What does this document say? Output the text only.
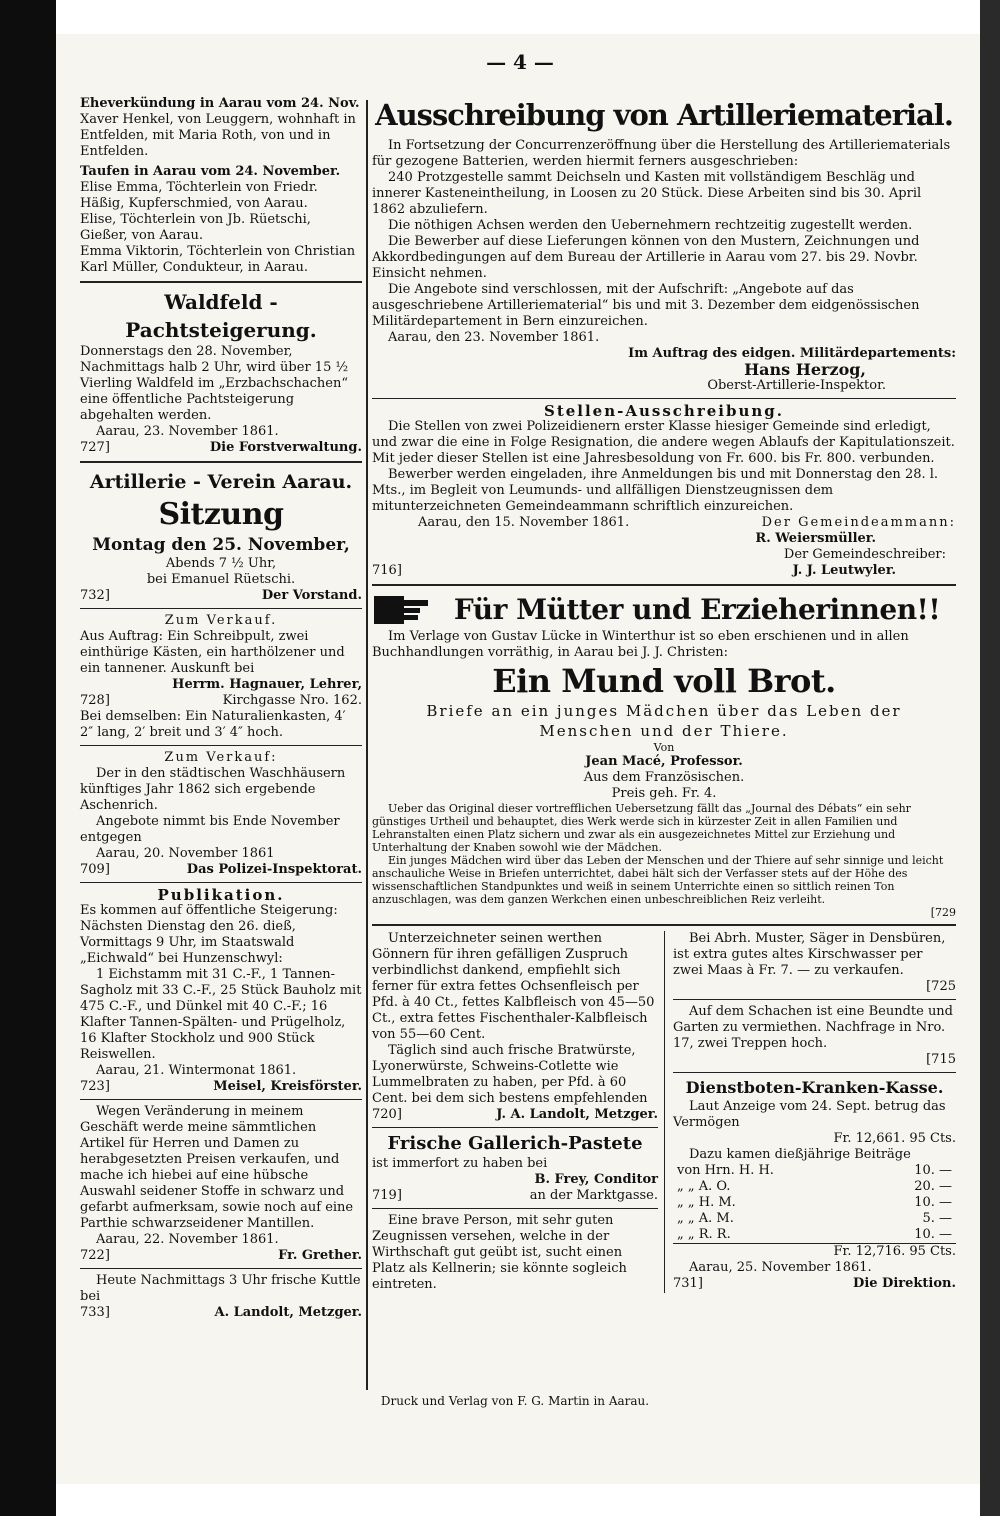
— 4 —

Eheverkündung in Aarau vom 24. Nov.

Xaver Henkel, von Leuggern, wohnhaft in Entfelden, mit Maria Roth, von und in Entfelden.

Taufen in Aarau vom 24. November.

Elise Emma, Töchterlein von Friedr. Häßig, Kupferschmied, von Aarau.

Elise, Töchterlein von Jb. Rüetschi, Gießer, von Aarau.

Emma Viktorin, Töchterlein von Christian Karl Müller, Condukteur, in Aarau.

Waldfeld - Pachtsteigerung.

Donnerstags den 28. November, Nachmittags halb 2 Uhr, wird über 15 ½ Vierling Waldfeld im „Erzbachschachen“ eine öffentliche Pachtsteigerung abgehalten werden.

Aarau, 23. November 1861.

727]	Die Forstverwaltung.
Artillerie - Verein Aarau.
Sitzung
Montag den 25. November,

Abends 7 ½ Uhr,

bei Emanuel Rüetschi.

732]	Der Vorstand.

Zum Verkauf.

Aus Auftrag: Ein Schreibpult, zwei einthürige Kästen, ein harthölzener und ein tannener. Auskunft bei

Herrm. Hagnauer, Lehrer,

728]	Kirchgasse Nro. 162.

Bei demselben: Ein Naturalienkasten, 4′ 2″ lang, 2′ breit und 3′ 4″ hoch.

Zum Verkauf:

Der in den städtischen Waschhäusern künftiges Jahr 1862 sich ergebende Aschenrich.

Angebote nimmt bis Ende November entgegen

Aarau, 20. November 1861

709]	Das Polizei-Inspektorat.

Publikation.

Es kommen auf öffentliche Steigerung: Nächsten Dienstag den 26. dieß, Vormittags 9 Uhr, im Staatswald „Eichwald“ bei Hunzenschwyl:

1 Eichstamm mit 31 C.-F., 1 Tannen-Sagholz mit 33 C.-F., 25 Stück Bauholz mit 475 C.-F., und Dünkel mit 40 C.-F.; 16 Klafter Tannen-Spälten- und Prügelholz, 16 Klafter Stockholz und 900 Stück Reiswellen.

Aarau, 21. Wintermonat 1861.

723]	Meisel, Kreisförster.

Wegen Veränderung in meinem Geschäft werde meine sämmtlichen Artikel für Herren und Damen zu herabgesetzten Preisen verkaufen, und mache ich hiebei auf eine hübsche Auswahl seidener Stoffe in schwarz und gefarbt aufmerksam, sowie noch auf eine Parthie schwarzseidener Mantillen.

Aarau, 22. November 1861.

722]	Fr. Grether.

Heute Nachmittags 3 Uhr frische Kuttle bei

733]	A. Landolt, Metzger.
Ausschreibung von Artilleriematerial.

In Fortsetzung der Concurrenzeröffnung über die Herstellung des Artilleriematerials für gezogene Batterien, werden hiermit ferners ausgeschrieben:

240 Protzgestelle sammt Deichseln und Kasten mit vollständigem Beschläg und innerer Kasteneintheilung, in Loosen zu 20 Stück. Diese Arbeiten sind bis 30. April 1862 abzuliefern.

Die nöthigen Achsen werden den Uebernehmern rechtzeitig zugestellt werden.

Die Bewerber auf diese Lieferungen können von den Mustern, Zeichnungen und Akkordbedingungen auf dem Bureau der Artillerie in Aarau vom 27. bis 29. Novbr. Einsicht nehmen.

Die Angebote sind verschlossen, mit der Aufschrift: „Angebote auf das ausgeschriebene Artilleriematerial“ bis und mit 3. Dezember dem eidgenössischen Militärdepartement in Bern einzureichen.

Aarau, den 23. November 1861.

Im Auftrag des eidgen. Militärdepartements:

Hans Herzog,

Oberst-Artillerie-Inspektor.

Stellen-Ausschreibung.

Die Stellen von zwei Polizeidienern erster Klasse hiesiger Gemeinde sind erledigt, und zwar die eine in Folge Resignation, die andere wegen Ablaufs der Kapitulationszeit. Mit jeder dieser Stellen ist eine Jahresbesoldung von Fr. 600. bis Fr. 800. verbunden.

Bewerber werden eingeladen, ihre Anmeldungen bis und mit Donnerstag den 28. l. Mts., im Begleit von Leumunds- und allfälligen Dienstzeugnissen dem mitunterzeichneten Gemeindeammann schriftlich einzureichen.

Aarau, den 15. November 1861.	Der Gemeindeammann:

R. Weiersmüller.

Der Gemeindeschreiber:

716]	J. J. Leutwyler.
Für Mütter und Erzieherinnen!!

Im Verlage von Gustav Lücke in Winterthur ist so eben erschienen und in allen Buchhandlungen vorräthig, in Aarau bei J. J. Christen:

Ein Mund voll Brot.

Briefe an ein junges Mädchen über das Leben der

Menschen und der Thiere.

Von

Jean Macé, Professor.

Aus dem Französischen.

Preis geh. Fr. 4.

Ueber das Original dieser vortrefflichen Uebersetzung fällt das „Journal des Débats“ ein sehr günstiges Urtheil und behauptet, dies Werk werde sich in kürzester Zeit in allen Familien und Lehranstalten einen Platz sichern und zwar als ein ausgezeichnetes Mittel zur Erziehung und Unterhaltung der Knaben sowohl wie der Mädchen.

Ein junges Mädchen wird über das Leben der Menschen und der Thiere auf sehr sinnige und leicht anschauliche Weise in Briefen unterrichtet, dabei hält sich der Verfasser stets auf der Höhe des wissenschaftlichen Standpunktes und weiß in seinem Unterrichte einen so sittlich reinen Ton anzuschlagen, was dem ganzen Werkchen einen unbeschreiblichen Reiz verleiht.

[729

Unterzeichneter seinen werthen Gönnern für ihren gefälligen Zuspruch verbindlichst dankend, empfiehlt sich ferner für extra fettes Ochsenfleisch per Pfd. à 40 Ct., fettes Kalbfleisch von 45—50 Ct., extra fettes Fischenthaler-Kalbfleisch von 55—60 Cent.

Täglich sind auch frische Bratwürste, Lyonerwürste, Schweins-Cotlette wie Lummelbraten zu haben, per Pfd. à 60 Cent. bei dem sich bestens empfehlenden

720]	J. A. Landolt, Metzger.
Frische Gallerich-Pastete

ist immerfort zu haben bei

B. Frey, Conditor

719]	an der Marktgasse.

Eine brave Person, mit sehr guten Zeugnissen versehen, welche in der Wirthschaft gut geübt ist, sucht einen Platz als Kellnerin; sie könnte sogleich eintreten.

Bei Abrh. Muster, Säger in Densbüren, ist extra gutes altes Kirschwasser per zwei Maas à Fr. 7. — zu verkaufen.

[725

Auf dem Schachen ist eine Beundte und Garten zu vermiethen. Nachfrage in Nro. 17, zwei Treppen hoch.

[715

Dienstboten-Kranken-Kasse.

Laut Anzeige vom 24. Sept. betrug das Vermögen

Fr. 12,661. 95 Cts.

Dazu kamen dießjährige Beiträge

von Hrn. H. H.	10. —
„ „ A. O.	20. —
„ „ H. M.	10. —
„ „ A. M.	5. —
„ „ R. R.	10. —

Fr. 12,716. 95 Cts.

Aarau, 25. November 1861.

731]	Die Direktion.
Druck und Verlag von F. G. Martin in Aarau.
